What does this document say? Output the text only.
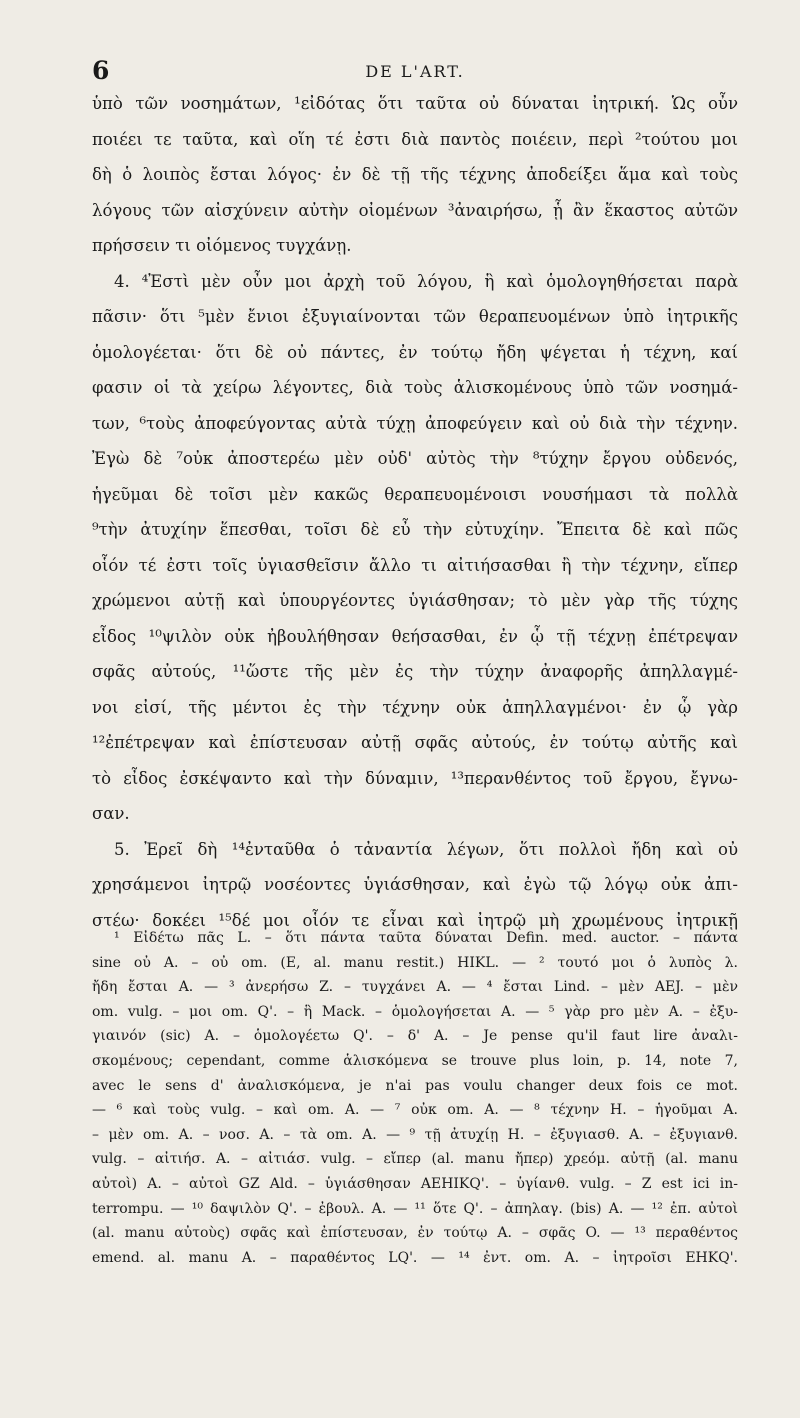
6	DE L'ART.
ὑπὸ τῶν νοσημάτων, ¹εἰδότας ὅτι ταῦτα οὐ δύναται ἰητρική. Ὡς οὖν
ποιέει τε ταῦτα, καὶ οἵη τέ ἐστι διὰ παντὸς ποιέειν, περὶ ²τούτου μοι
δὴ ὁ λοιπὸς ἔσται λόγος· ἐν δὲ τῇ τῆς τέχνης ἀποδείξει ἅμα καὶ τοὺς
λόγους τῶν αἰσχύνειν αὐτὴν οἰομένων ³ἀναιρήσω, ᾗ ἂν ἕκαστος αὐτῶν
πρήσσειν τι οἰόμενος τυγχάνῃ.
4. ⁴Ἐστὶ μὲν οὖν μοι ἀρχὴ τοῦ λόγου, ἣ καὶ ὁμολογηθήσεται παρὰ
πᾶσιν· ὅτι ⁵μὲν ἔνιοι ἐξυγιαίνονται τῶν θεραπευομένων ὑπὸ ἰητρικῆς
ὁμολογέεται· ὅτι δὲ οὐ πάντες, ἐν τούτῳ ἤδη ψέγεται ἡ τέχνη, καί
φασιν οἱ τὰ χείρω λέγοντες, διὰ τοὺς ἁλισκομένους ὑπὸ τῶν νοσημά-
των, ⁶τοὺς ἀποφεύγοντας αὐτὰ τύχῃ ἀποφεύγειν καὶ οὐ διὰ τὴν τέχνην.
Ἐγὼ δὲ ⁷οὐκ ἀποστερέω μὲν οὐδ' αὐτὸς τὴν ⁸τύχην ἔργου οὐδενός,
ἡγεῦμαι δὲ τοῖσι μὲν κακῶς θεραπευομένοισι νουσήμασι τὰ πολλὰ
⁹τὴν ἀτυχίην ἕπεσθαι, τοῖσι δὲ εὖ τὴν εὐτυχίην. Ἔπειτα δὲ καὶ πῶς
οἷόν τέ ἐστι τοῖς ὑγιασθεῖσιν ἄλλο τι αἰτιήσασθαι ἢ τὴν τέχνην, εἴπερ
χρώμενοι αὐτῇ καὶ ὑπουργέοντες ὑγιάσθησαν; τὸ μὲν γὰρ τῆς τύχης
εἶδος ¹⁰ψιλὸν οὐκ ἠβουλήθησαν θεήσασθαι, ἐν ᾧ τῇ τέχνῃ ἐπέτρεψαν
σφᾶς αὐτούς, ¹¹ὥστε τῆς μὲν ἐς τὴν τύχην ἀναφορῆς ἀπηλλαγμέ-
νοι εἰσί, τῆς μέντοι ἐς τὴν τέχνην οὐκ ἀπηλλαγμένοι· ἐν ᾧ γὰρ
¹²ἐπέτρεψαν καὶ ἐπίστευσαν αὐτῇ σφᾶς αὐτούς, ἐν τούτῳ αὐτῆς καὶ
τὸ εἶδος ἐσκέψαντο καὶ τὴν δύναμιν, ¹³περανθέντος τοῦ ἔργου, ἔγνω-
σαν.
5. Ἐρεῖ δὴ ¹⁴ἐνταῦθα ὁ τἀναντία λέγων, ὅτι πολλοὶ ἤδη καὶ οὐ
χρησάμενοι ἰητρῷ νοσέοντες ὑγιάσθησαν, καὶ ἐγὼ τῷ λόγῳ οὐκ ἀπι-
στέω· δοκέει ¹⁵δέ μοι οἷόν τε εἶναι καὶ ἰητρῷ μὴ χρωμένους ἰητρικῇ
¹ Εἰδέτω πᾶς L. – ὅτι πάντα ταῦτα δύναται Defin. med. auctor. – πάντα
sine οὐ A. – οὐ om. (E, al. manu restit.) HIKL. — ² τουτό μοι ὁ λυπὸς λ.
ἤδη ἔσται A. — ³ ἀνερήσω Z. – τυγχάνει A. — ⁴ ἔσται Lind. – μὲν AEJ. – μὲν
om. vulg. – μοι om. Q'. – ἣ Mack. – ὁμολογήσεται A. — ⁵ γὰρ pro μὲν A. – ἐξυ-
γιαινόν (sic) A. – ὁμολογέετω Q'. – δ' A. – Je pense qu'il faut lire ἀναλι-
σκομένους; cependant, comme ἁλισκόμενα se trouve plus loin, p. 14, note 7,
avec le sens d' ἀναλισκόμενα, je n'ai pas voulu changer deux fois ce mot.
— ⁶ καὶ τοὺς vulg. – καὶ om. A. — ⁷ οὐκ om. A. — ⁸ τέχνην H. – ἡγοῦμαι A.
– μὲν om. A. – νοσ. A. – τὰ om. A. — ⁹ τῇ ἀτυχίῃ H. – ἐξυγιασθ. A. – ἐξυγιανθ.
vulg. – αἰτιήσ. A. – αἰτιάσ. vulg. – εἴπερ (al. manu ἤπερ) χρεόμ. αὐτῇ (al. manu
αὐτοὶ) A. – αὐτοὶ GZ Ald. – ὑγιάσθησαν AEHIKQ'. – ὑγίανθ. vulg. – Z est ici in-
terrompu. — ¹⁰ δαψιλὸν Q'. – ἐβουλ. A. — ¹¹ ὅτε Q'. – ἀπηλαγ. (bis) A. — ¹² ἐπ. αὐτοὶ
(al. manu αὐτοὺς) σφᾶς καὶ ἐπίστευσαν, ἐν τούτῳ A. – σφᾶς O. — ¹³ περαθέντος
emend. al. manu A. – παραθέντος LQ'. — ¹⁴ ἐντ. om. A. – ἰητροῖσι EHKQ'.
